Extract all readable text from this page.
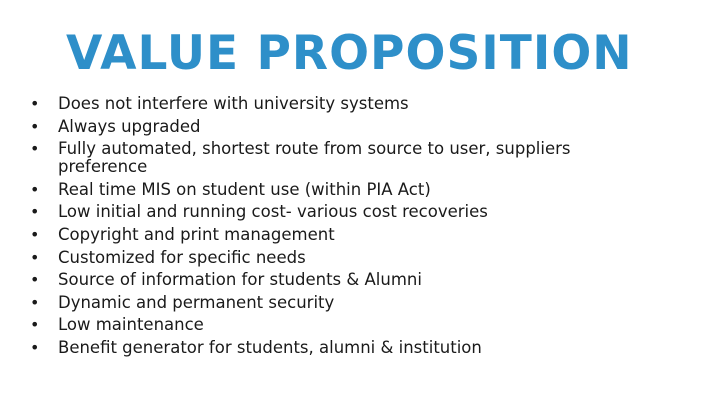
VALUE PROPOSITION
• Does not interfere with university systems
• Always upgraded
• Fully automated, shortest route from source to user, suppliers preference
• Real time MIS on student use (within PIA Act)
• Low initial and running cost- various cost recoveries
• Copyright and print management
• Customized for specific needs
• Source of information for students & Alumni
• Dynamic and permanent security
• Low maintenance
• Benefit generator for students, alumni & institution
